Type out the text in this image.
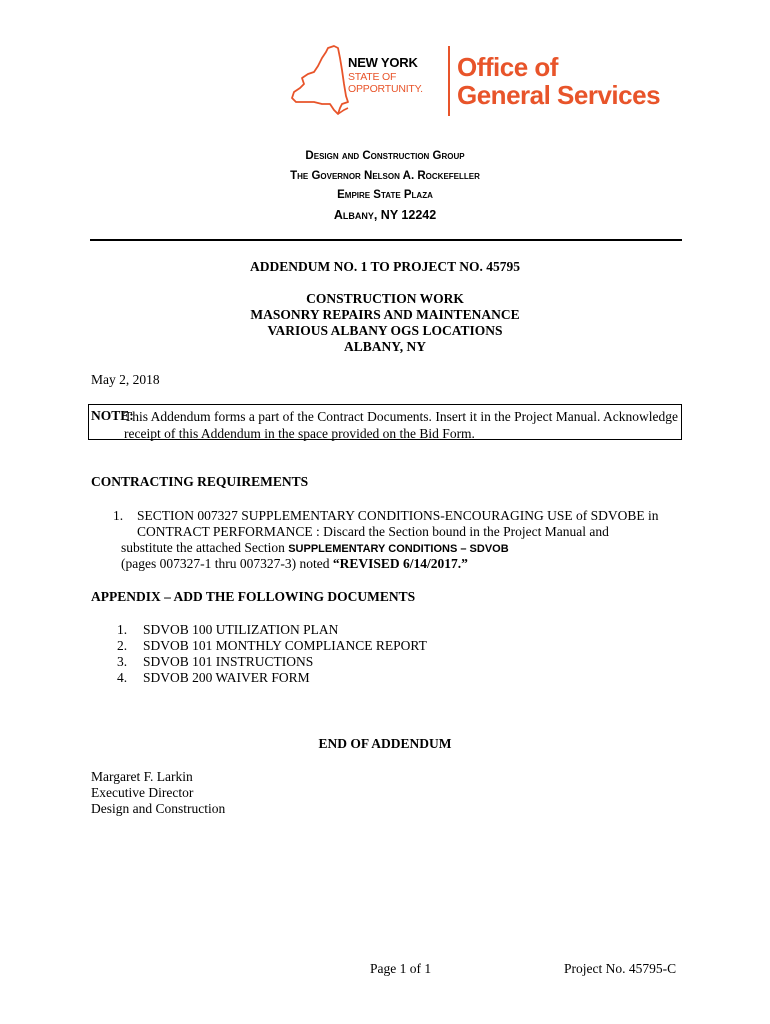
NEW YORK
STATE OF
OPPORTUNITY.
Office of
General Services
Design and Construction Group
The Governor Nelson A. Rockefeller
Empire State Plaza
Albany, NY 12242
ADDENDUM NO. 1 TO PROJECT NO. 45795
CONSTRUCTION WORK
MASONRY REPAIRS AND MAINTENANCE
VARIOUS ALBANY OGS LOCATIONS
ALBANY, NY
May 2, 2018
NOTE:
This Addendum forms a part of the Contract Documents. Insert it in the Project Manual. Acknowledge receipt of this Addendum in the space provided on the Bid Form.
CONTRACTING REQUIREMENTS
1. SECTION 007327 SUPPLEMENTARY CONDITIONS-ENCOURAGING USE of SDVOBE in
CONTRACT PERFORMANCE : Discard the Section bound in the Project Manual and
substitute the attached Section SUPPLEMENTARY CONDITIONS – SDVOB
(pages 007327-1 thru 007327-3) noted “REVISED 6/14/2017.”
APPENDIX – ADD THE FOLLOWING DOCUMENTS
1. SDVOB 100 UTILIZATION PLAN
2. SDVOB 101 MONTHLY COMPLIANCE REPORT
3. SDVOB 101 INSTRUCTIONS
4. SDVOB 200 WAIVER FORM
END OF ADDENDUM
Margaret F. Larkin
Executive Director
Design and Construction
Page 1 of 1	Project No. 45795-C
